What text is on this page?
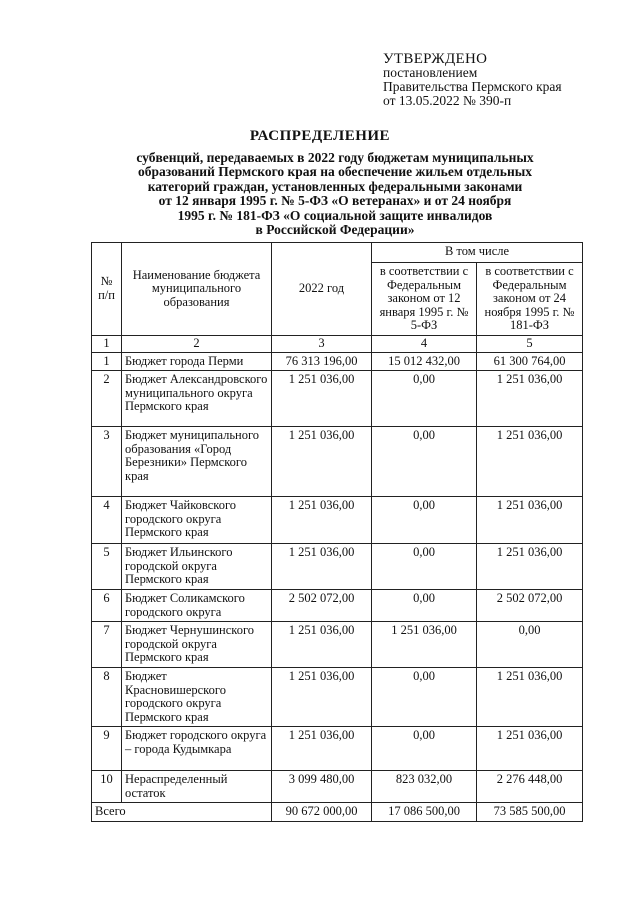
УТВЕРЖДЕНО
постановлением
Правительства Пермского края
от 13.05.2022 № 390-п
РАСПРЕДЕЛЕНИЕ
субвенций, передаваемых в 2022 году бюджетам муниципальных
образований Пермского края на обеспечение жильем отдельных
категорий граждан, установленных федеральными законами
от 12 января 1995 г. № 5-ФЗ «О ветеранах» и от 24 ноября
1995 г. № 181-ФЗ «О социальной защите инвалидов
в Российской Федерации»
№ п/п	Наименование бюджета муниципального образования	2022 год	В том числе	
			в соответствии с Федеральным законом от 12 января 1995 г. № 5-ФЗ	в соответствии с Федеральным законом от 24 ноября 1995 г. № 181-ФЗ
1	2	3	4	5
1	Бюджет города Перми	76 313 196,00	15 012 432,00	61 300 764,00
2	Бюджет Александровского муниципального округа Пермского края	1 251 036,00	0,00	1 251 036,00
3	Бюджет муниципального образования «Город Березники» Пермского края	1 251 036,00	0,00	1 251 036,00
4	Бюджет Чайковского городского округа Пермского края	1 251 036,00	0,00	1 251 036,00
5	Бюджет Ильинского городской округа Пермского края	1 251 036,00	0,00	1 251 036,00
6	Бюджет Соликамского городского округа	2 502 072,00	0,00	2 502 072,00
7	Бюджет Чернушинского городской округа Пермского края	1 251 036,00	1 251 036,00	0,00
8	Бюджет Красновишерского городского округа Пермского края	1 251 036,00	0,00	1 251 036,00
9	Бюджет городского округа – города Кудымкара	1 251 036,00	0,00	1 251 036,00
10	Нераспределенный остаток	3 099 480,00	823 032,00	2 276 448,00
Всего		90 672 000,00	17 086 500,00	73 585 500,00
